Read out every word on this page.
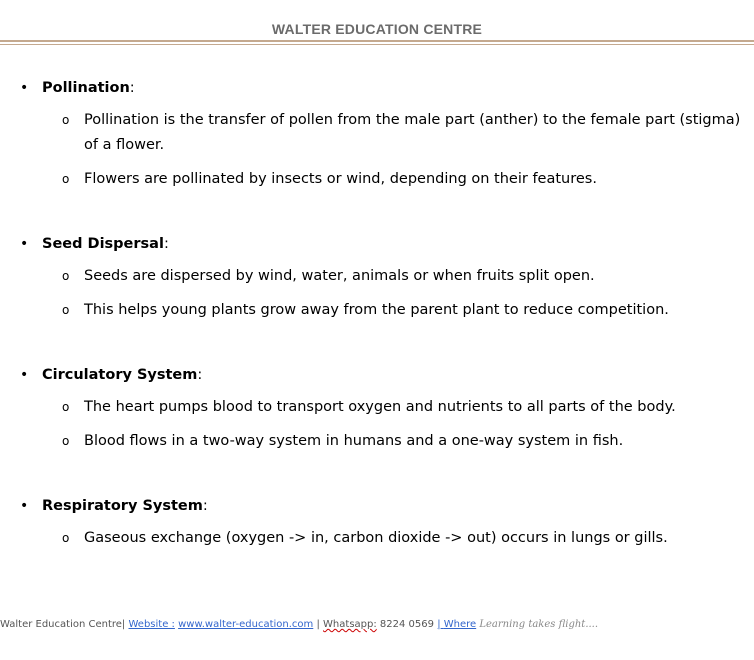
WALTER EDUCATION CENTRE
• Pollination:
o Pollination is the transfer of pollen from the male part (anther) to the female part (stigma) of a flower.
o Flowers are pollinated by insects or wind, depending on their features.
• Seed Dispersal:
o Seeds are dispersed by wind, water, animals or when fruits split open.
o This helps young plants grow away from the parent plant to reduce competition.
• Circulatory System:
o The heart pumps blood to transport oxygen and nutrients to all parts of the body.
o Blood flows in a two-way system in humans and a one-way system in fish.
• Respiratory System:
o Gaseous exchange (oxygen -> in, carbon dioxide -> out) occurs in lungs or gills.
Walter Education Centre| Website : www.walter-education.com | Whatsapp: 8224 0569 | Where Learning takes flight....
